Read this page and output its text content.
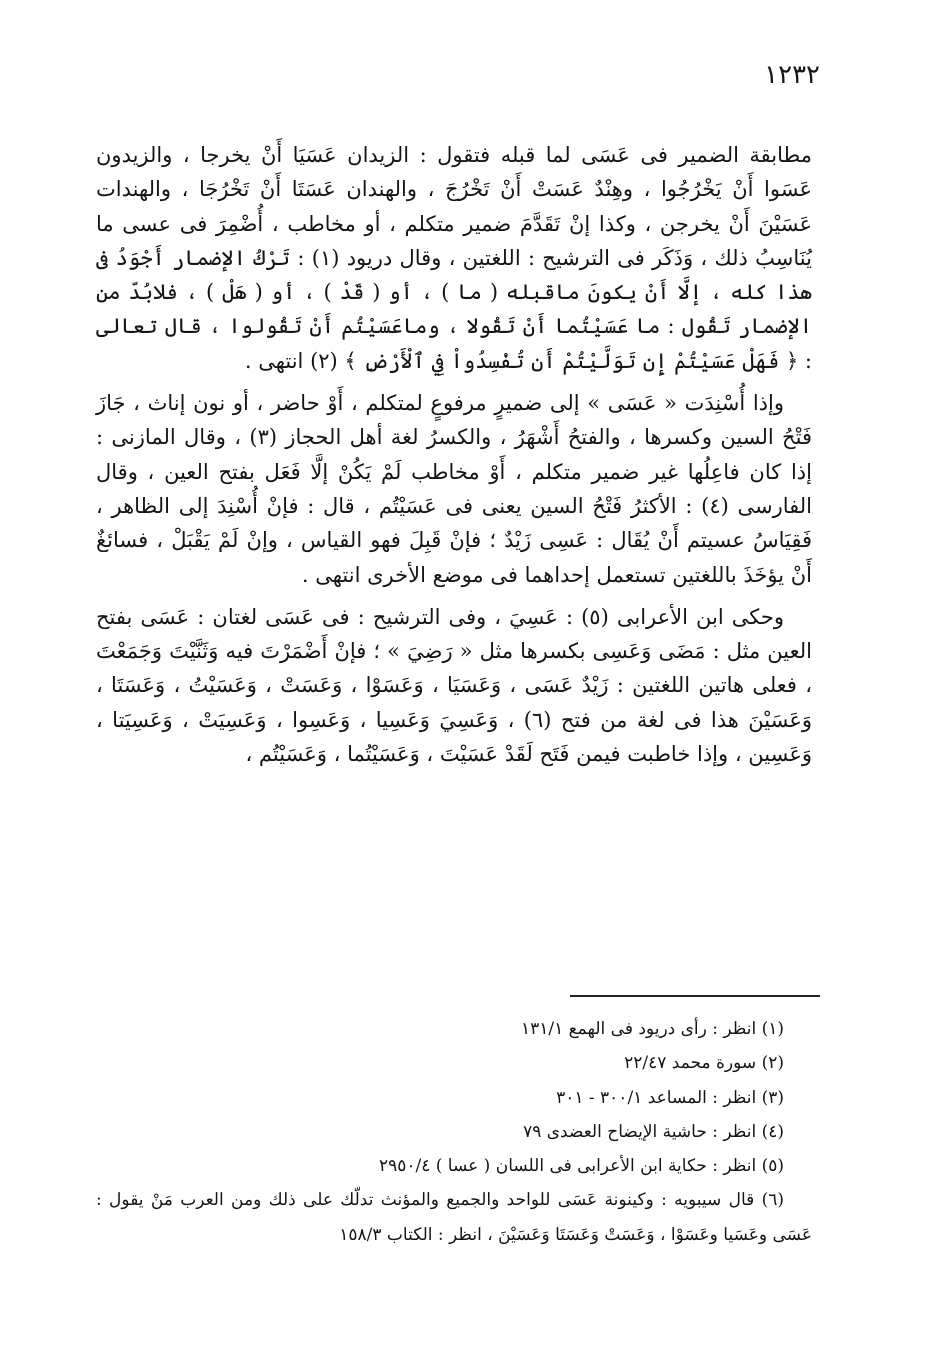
١٢٣٢

مطابقة الضمير فى عَسَى لما قبله فتقول : الزيدان عَسَيَا أَنْ يخرجا ، والزيدون عَسَوا أَنْ يَخْرُجُوا ، وهِنْدٌ عَسَتْ أَنْ تَخْرُجَ ، والهندان عَسَتَا أَنْ تَخْرُجَا ، والهندات عَسَيْنَ أَنْ يخرجن ، وكذا إنْ تَقَدَّمَ ضمير متكلم ، أو مخاطب ، أُضْمِرَ فى عسى ما يُنَاسِبُ ذلك ، وَذَكَر فى الترشيح : اللغتين ، وقال دريود (١) : تَرْكُ الإضمار أَجْوَدُ فى هذا كله ، إلَّا أَنْ يكونَ ماقبله ( ما ) ، أو ( قَدْ ) ، أو ( هَلْ ) ، فلابُدّ من الإضمار تَقُول : ما عَسَيْتُما أَنْ تَقُولا ، وماعَسَيْتُم أَنْ تَقُولوا ، قال تعالى : ﴿ فَهَلْ عَسَيْتُمْ إِن تَوَلَّيْتُمْ أَن تُفْسِدُواْ فِي ٱلْأَرْضِ ﴾ (٢) انتهى .

وإذا أُسْنِدَت « عَسَى » إلى ضميرٍ مرفوعٍ لمتكلم ، أَوْ حاضر ، أو نون إناث ، جَازَ فَتْحُ السين وكسرها ، والفتحُ أَشْهَرُ ، والكسرُ لغة أهل الحجاز (٣) ، وقال المازنى : إذا كان فاعِلُها غير ضمير متكلم ، أَوْ مخاطب لَمْ يَكُنْ إلَّا فَعَل بفتح العين ، وقال الفارسى (٤) : الأكثرُ فَتْحُ السين يعنى فى عَسَيْتُم ، قال : فإنْ أُسْنِدَ إلى الظاهر ، فَقِيَاسُ عسيتم أَنْ يُقَال : عَسِى زَيْدٌ ؛ فإنْ قَبِلَ فهو القياس ، وإنْ لَمْ يَقْبَلْ ، فسائغٌ أَنْ يؤخَذَ باللغتين تستعمل إحداهما فى موضع الأخرى انتهى .

وحكى ابن الأعرابى (٥) : عَسِيَ ، وفى الترشيح : فى عَسَى لغتان : عَسَى بفتح العين مثل : مَضَى وَعَسِى بكسرها مثل « رَضِيَ » ؛ فإنْ أَضْمَرْتَ فيه وَثَنَّيْتَ وَجَمَعْتَ ، فعلى هاتين اللغتين : زَيْدٌ عَسَى ، وَعَسَيَا ، وَعَسَوْا ، وَعَسَتْ ، وَعَسَيْتُ ، وَعَسَتَا ، وَعَسَيْنَ هذا فى لغة من فتح (٦) ، وَعَسِيَ وَعَسِيا ، وَعَسِوا ، وَعَسِيَتْ ، وَعَسِيَتا ، وَعَسِين ، وإذا خاطبت فيمن فَتَح لَقَدْ عَسَيْتَ ، وَعَسَيْتُما ، وَعَسَيْتُم ،

(١) انظر : رأى دريود فى الهمع ١٣١/١

(٢) سورة محمد ٢٢/٤٧

(٣) انظر : المساعد ٣٠٠/١ - ٣٠١

(٤) انظر : حاشية الإيضاح العضدى ٧٩

(٥) انظر : حكاية ابن الأعرابى فى اللسان ( عسا ) ٢٩٥٠/٤

(٦) قال سيبويه : وكينونة عَسَى للواحد والجميع والمؤنث تدلّك على ذلك ومن العرب مَنْ يقول : عَسَى وعَسَيا وعَسَوْا ، وَعَسَتْ وَعَسَتَا وَعَسَيْنَ ، انظر : الكتاب ١٥٨/٣
